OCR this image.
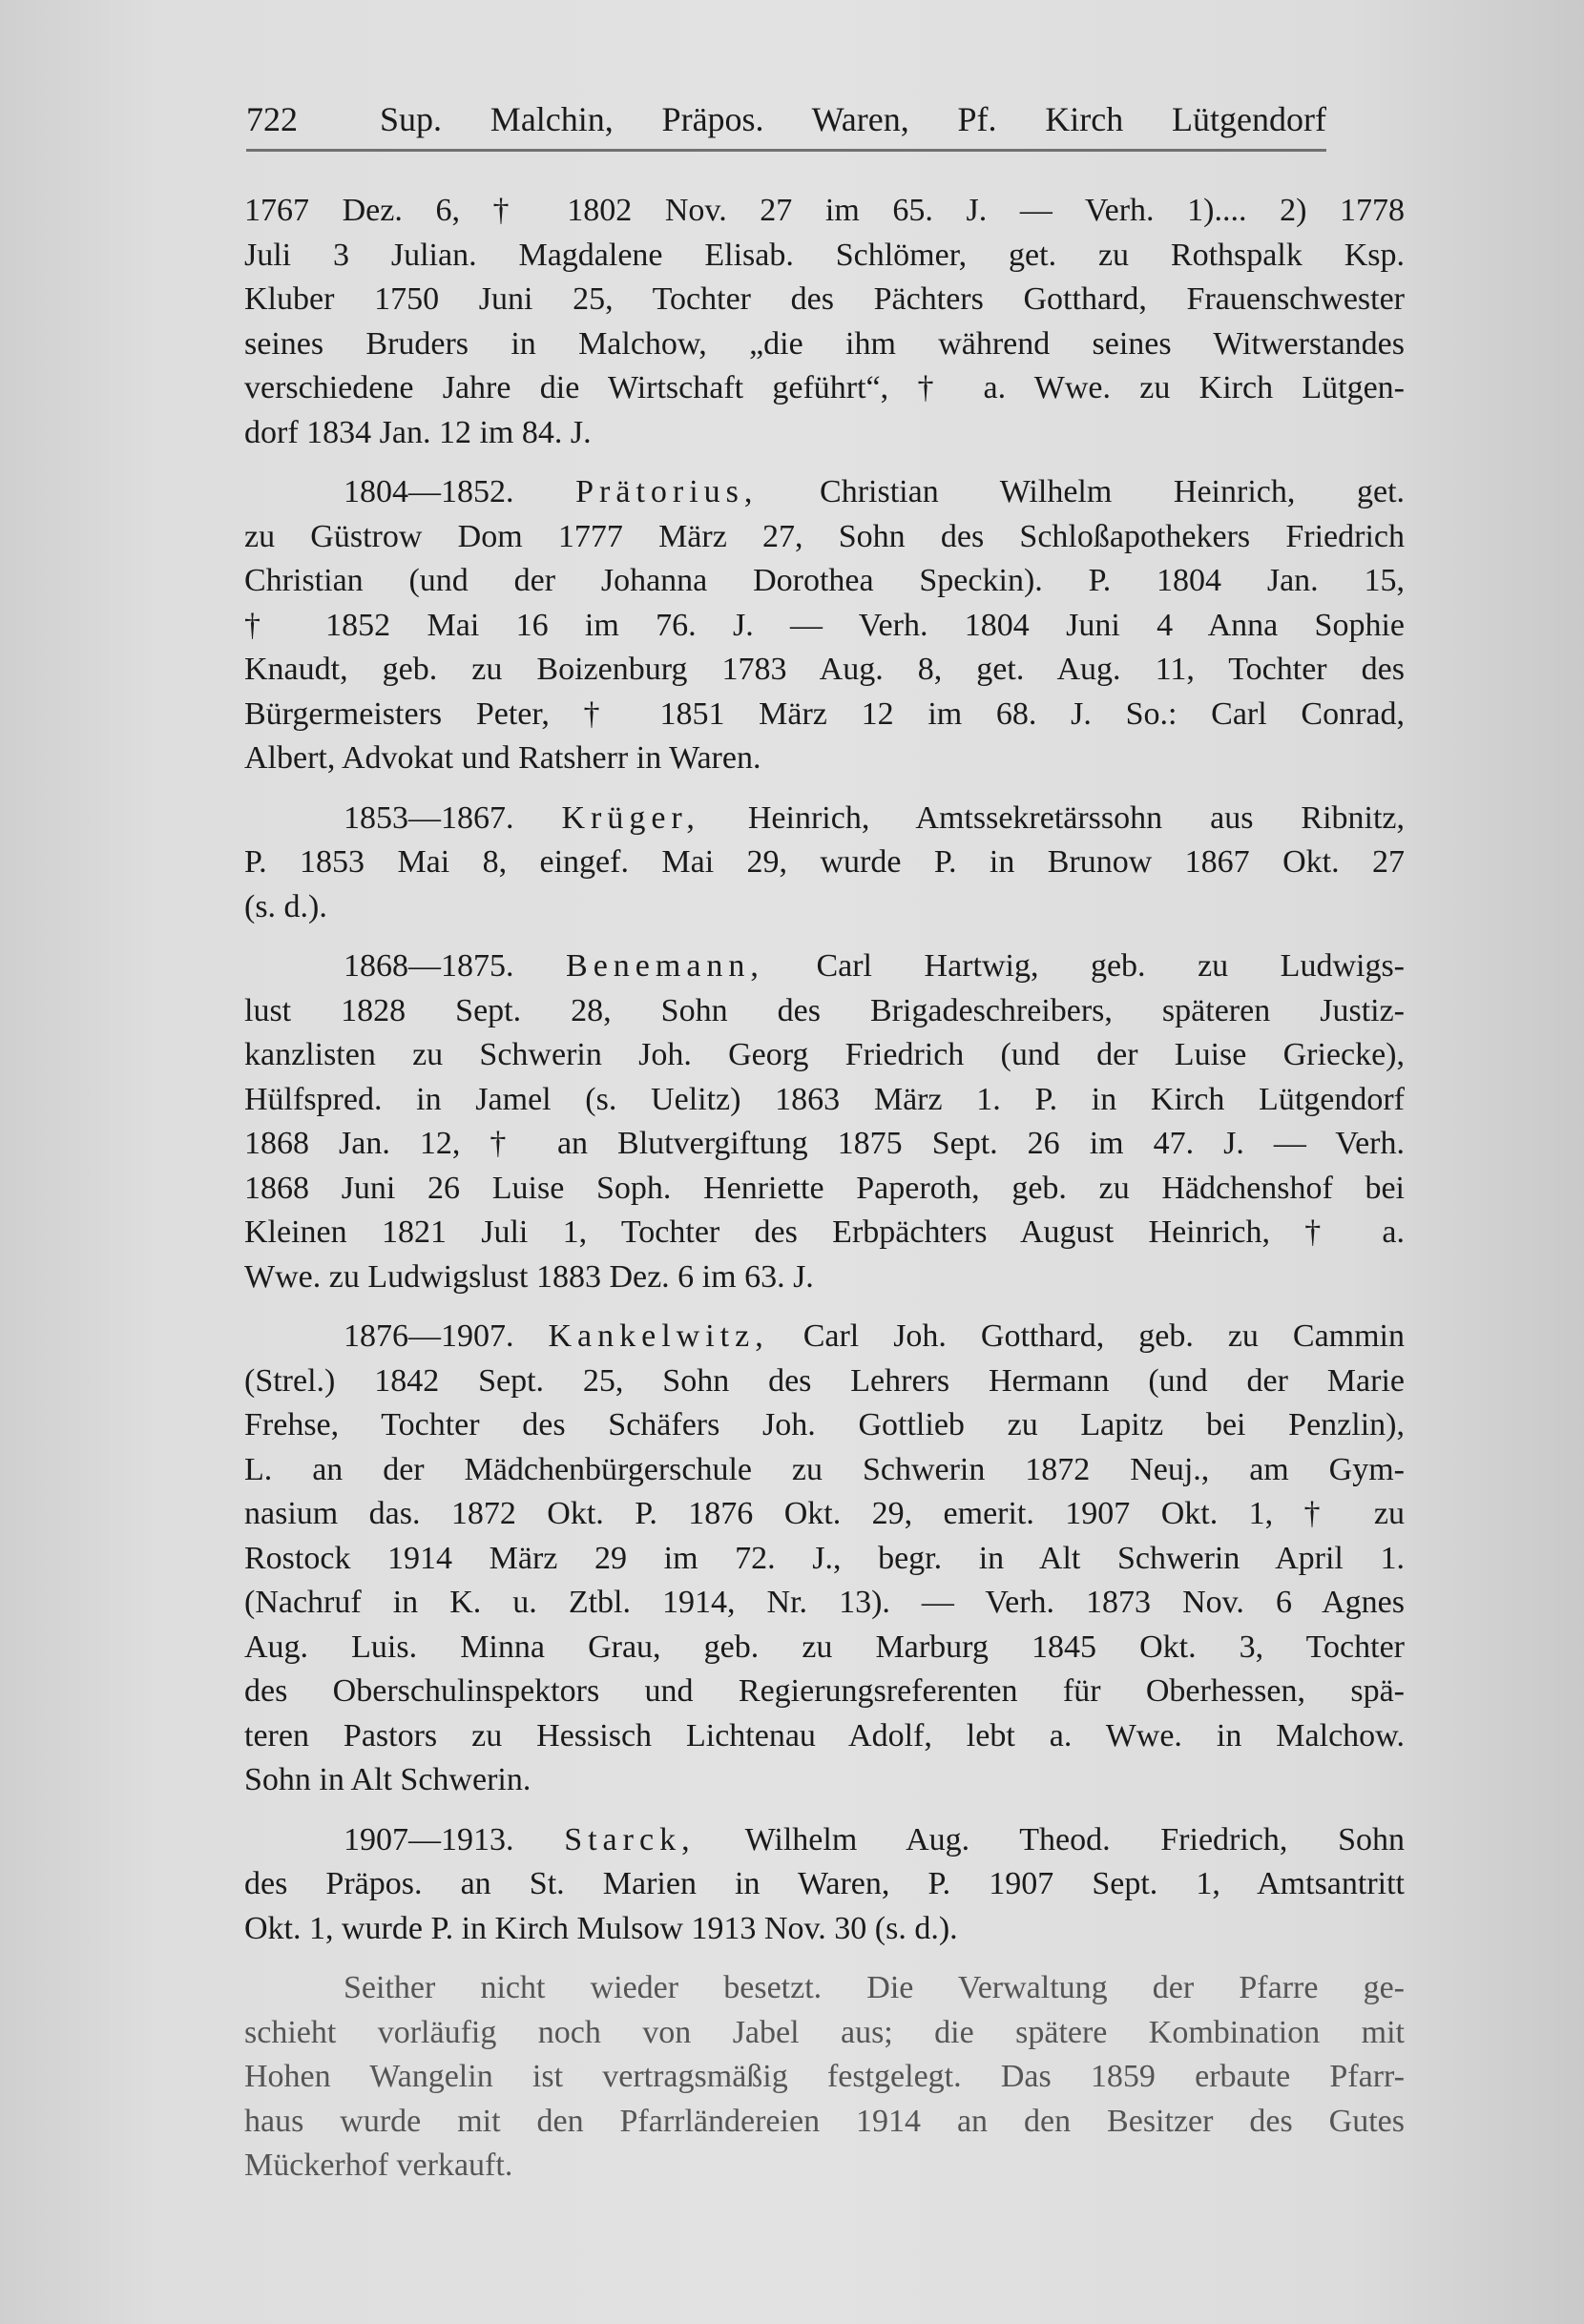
722 Sup. Malchin, Präpos. Waren, Pf. Kirch Lütgendorf
1767 Dez. 6, † 1802 Nov. 27 im 65. J. — Verh. 1).... 2) 1778
Juli 3 Julian. Magdalene Elisab. Schlömer, get. zu Rothspalk Ksp.
Kluber 1750 Juni 25, Tochter des Pächters Gotthard, Frauenschwester
seines Bruders in Malchow, „die ihm während seines Witwerstandes
verschiedene Jahre die Wirtschaft geführt“, † a. Wwe. zu Kirch Lütgen-
dorf 1834 Jan. 12 im 84. J.
1804—1852. Prätorius, Christian Wilhelm Heinrich, get.
zu Güstrow Dom 1777 März 27, Sohn des Schloßapothekers Friedrich
Christian (und der Johanna Dorothea Speckin). P. 1804 Jan. 15,
† 1852 Mai 16 im 76. J. — Verh. 1804 Juni 4 Anna Sophie
Knaudt, geb. zu Boizenburg 1783 Aug. 8, get. Aug. 11, Tochter des
Bürgermeisters Peter, † 1851 März 12 im 68. J. So.: Carl Conrad,
Albert, Advokat und Ratsherr in Waren.
1853—1867. Krüger, Heinrich, Amtssekretärssohn aus Ribnitz,
P. 1853 Mai 8, eingef. Mai 29, wurde P. in Brunow 1867 Okt. 27
(s. d.).
1868—1875. Benemann, Carl Hartwig, geb. zu Ludwigs-
lust 1828 Sept. 28, Sohn des Brigadeschreibers, späteren Justiz-
kanzlisten zu Schwerin Joh. Georg Friedrich (und der Luise Griecke),
Hülfspred. in Jamel (s. Uelitz) 1863 März 1. P. in Kirch Lütgendorf
1868 Jan. 12, † an Blutvergiftung 1875 Sept. 26 im 47. J. — Verh.
1868 Juni 26 Luise Soph. Henriette Paperoth, geb. zu Hädchenshof bei
Kleinen 1821 Juli 1, Tochter des Erbpächters August Heinrich, † a.
Wwe. zu Ludwigslust 1883 Dez. 6 im 63. J.
1876—1907. Kankelwitz, Carl Joh. Gotthard, geb. zu Cammin
(Strel.) 1842 Sept. 25, Sohn des Lehrers Hermann (und der Marie
Frehse, Tochter des Schäfers Joh. Gottlieb zu Lapitz bei Penzlin),
L. an der Mädchenbürgerschule zu Schwerin 1872 Neuj., am Gym-
nasium das. 1872 Okt. P. 1876 Okt. 29, emerit. 1907 Okt. 1, † zu
Rostock 1914 März 29 im 72. J., begr. in Alt Schwerin April 1.
(Nachruf in K. u. Ztbl. 1914, Nr. 13). — Verh. 1873 Nov. 6 Agnes
Aug. Luis. Minna Grau, geb. zu Marburg 1845 Okt. 3, Tochter
des Oberschulinspektors und Regierungsreferenten für Oberhessen, spä-
teren Pastors zu Hessisch Lichtenau Adolf, lebt a. Wwe. in Malchow.
Sohn in Alt Schwerin.
1907—1913. Starck, Wilhelm Aug. Theod. Friedrich, Sohn
des Präpos. an St. Marien in Waren, P. 1907 Sept. 1, Amtsantritt
Okt. 1, wurde P. in Kirch Mulsow 1913 Nov. 30 (s. d.).
Seither nicht wieder besetzt. Die Verwaltung der Pfarre ge-
schieht vorläufig noch von Jabel aus; die spätere Kombination mit
Hohen Wangelin ist vertragsmäßig festgelegt. Das 1859 erbaute Pfarr-
haus wurde mit den Pfarrländereien 1914 an den Besitzer des Gutes
Mückerhof verkauft.
